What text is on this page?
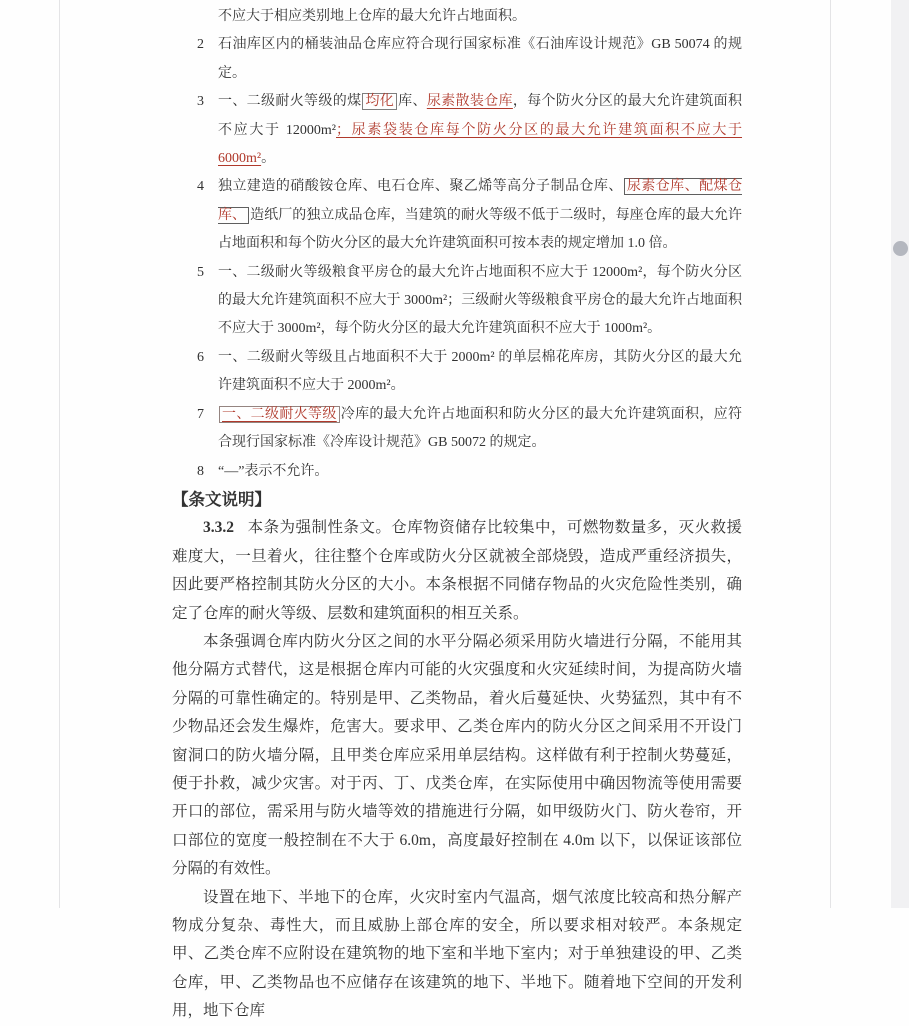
不应大于相应类别地上仓库的最大允许占地面积。
2	石油库区内的桶装油品仓库应符合现行国家标准《石油库设计规范》GB 50074 的规定。
3	一、二级耐火等级的煤 均化 库、尿素散装仓库，每个防火分区的最大允许建筑面积不应大于 12000m²；尿素袋装仓库每个防火分区的最大允许建筑面积不应大于 6000m²。
4	独立建造的硝酸铵仓库、电石仓库、聚乙烯等高分子制品仓库、 尿素仓库、配煤仓库、 造纸厂的独立成品仓库，当建筑的耐火等级不低于二级时，每座仓库的最大允许占地面积和每个防火分区的最大允许建筑面积可按本表的规定增加 1.0 倍。
5	一、二级耐火等级粮食平房仓的最大允许占地面积不应大于 12000m²，每个防火分区的最大允许建筑面积不应大于 3000m²；三级耐火等级粮食平房仓的最大允许占地面积不应大于 3000m²，每个防火分区的最大允许建筑面积不应大于 1000m²。
6	一、二级耐火等级且占地面积不大于 2000m² 的单层棉花库房，其防火分区的最大允许建筑面积不应大于 2000m²。
7	一、二级耐火等级 冷库的最大允许占地面积和防火分区的最大允许建筑面积，应符合现行国家标准《冷库设计规范》GB 50072 的规定。
8	“—”表示不允许。
【条文说明】

3.3.2 本条为强制性条文。仓库物资储存比较集中，可燃物数量多，灭火救援难度大，一旦着火，往往整个仓库或防火分区就被全部烧毁，造成严重经济损失，因此要严格控制其防火分区的大小。本条根据不同储存物品的火灾危险性类别，确定了仓库的耐火等级、层数和建筑面积的相互关系。

本条强调仓库内防火分区之间的水平分隔必须采用防火墙进行分隔，不能用其他分隔方式替代，这是根据仓库内可能的火灾强度和火灾延续时间，为提高防火墙分隔的可靠性确定的。特别是甲、乙类物品，着火后蔓延快、火势猛烈，其中有不少物品还会发生爆炸，危害大。要求甲、乙类仓库内的防火分区之间采用不开设门窗洞口的防火墙分隔，且甲类仓库应采用单层结构。这样做有利于控制火势蔓延，便于扑救，减少灾害。对于丙、丁、戊类仓库，在实际使用中确因物流等使用需要开口的部位，需采用与防火墙等效的措施进行分隔，如甲级防火门、防火卷帘，开口部位的宽度一般控制在不大于 6.0m，高度最好控制在 4.0m 以下，以保证该部位分隔的有效性。

设置在地下、半地下的仓库，火灾时室内气温高，烟气浓度比较高和热分解产物成分复杂、毒性大，而且威胁上部仓库的安全，所以要求相对较严。本条规定甲、乙类仓库不应附设在建筑物的地下室和半地下室内；对于单独建设的甲、乙类仓库，甲、乙类物品也不应储存在该建筑的地下、半地下。随着地下空间的开发利用，地下仓库
